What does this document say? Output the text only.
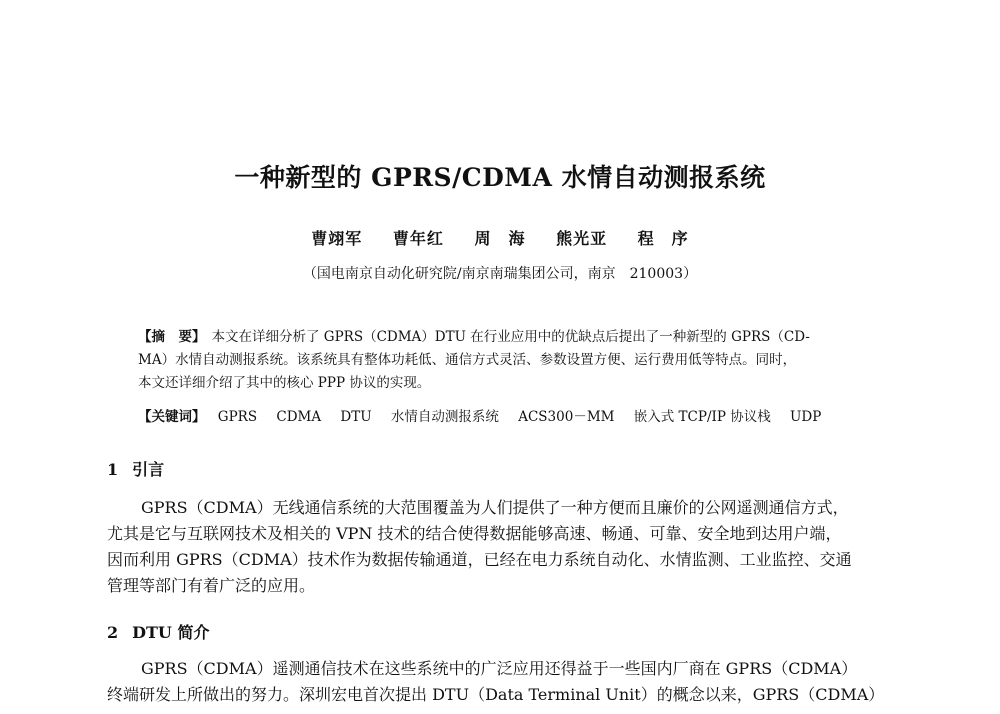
一种新型的 GPRS/CDMA 水情自动测报系统
曹翊军 曹年红 周　海 熊光亚 程　序
（国电南京自动化研究院/南京南瑞集团公司，南京　210003）
【摘　要】 本文在详细分析了 GPRS（CDMA）DTU 在行业应用中的优缺点后提出了一种新型的 GPRS（CD-
MA）水情自动测报系统。该系统具有整体功耗低、通信方式灵活、参数设置方便、运行费用低等特点。同时，
本文还详细介绍了其中的核心 PPP 协议的实现。
【关键词】 GPRS CDMA DTU 水情自动测报系统 ACS300－MM 嵌入式 TCP/IP 协议栈 UDP
1 引言
GPRS（CDMA）无线通信系统的大范围覆盖为人们提供了一种方便而且廉价的公网遥测通信方式，
尤其是它与互联网技术及相关的 VPN 技术的结合使得数据能够高速、畅通、可靠、安全地到达用户端，
因而利用 GPRS（CDMA）技术作为数据传输通道，已经在电力系统自动化、水情监测、工业监控、交通
管理等部门有着广泛的应用。
2 DTU 简介
GPRS（CDMA）遥测通信技术在这些系统中的广泛应用还得益于一些国内厂商在 GPRS（CDMA）
终端研发上所做出的努力。深圳宏电首次提出 DTU（Data Terminal Unit）的概念以来，GPRS（CDMA）
